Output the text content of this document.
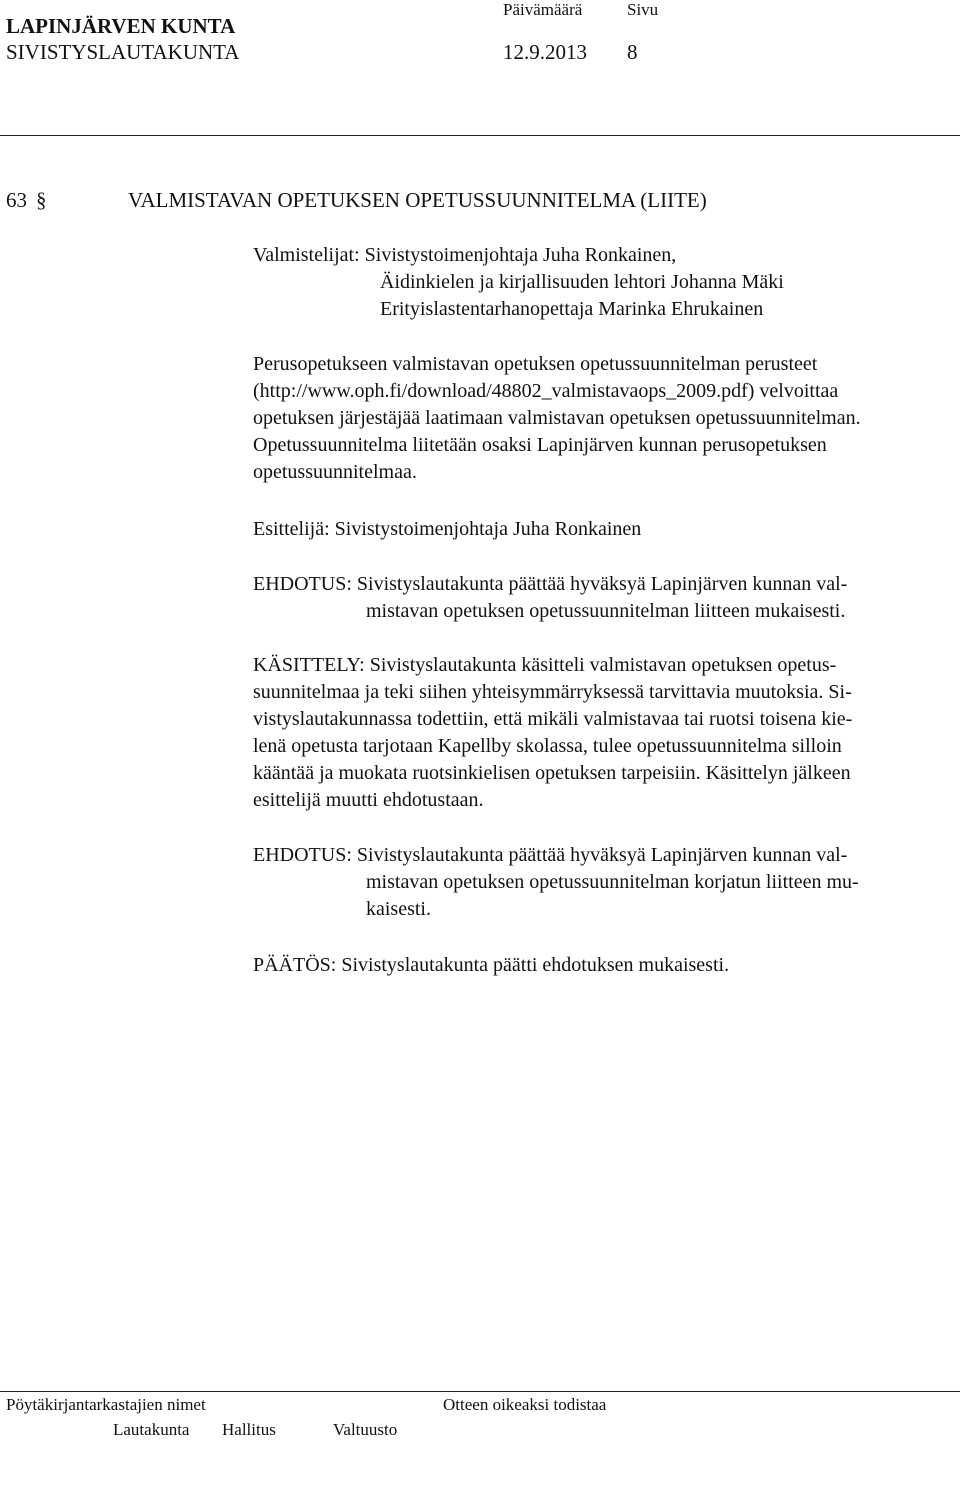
LAPINJÄRVEN KUNTA
SIVISTYSLAUTAKUNTA
Päivämäärä	Sivu
12.9.2013 8
63 §	VALMISTAVAN OPETUKSEN OPETUSSUUNNITELMA (LIITE)
Valmistelijat: Sivistystoimenjohtaja Juha Ronkainen,
Äidinkielen ja kirjallisuuden lehtori Johanna Mäki
Erityislastentarhanopettaja Marinka Ehrukainen
Perusopetukseen valmistavan opetuksen opetussuunnitelman perusteet
(http://www.oph.fi/download/48802_valmistavaops_2009.pdf) velvoittaa
opetuksen järjestäjää laatimaan valmistavan opetuksen opetussuunnitelman.
Opetussuunnitelma liitetään osaksi Lapinjärven kunnan perusopetuksen
opetussuunnitelmaa.
Esittelijä: Sivistystoimenjohtaja Juha Ronkainen
EHDOTUS: Sivistyslautakunta päättää hyväksyä Lapinjärven kunnan val-
mistavan opetuksen opetussuunnitelman liitteen mukaisesti.
KÄSITTELY: Sivistyslautakunta käsitteli valmistavan opetuksen opetus-
suunnitelmaa ja teki siihen yhteisymmärryksessä tarvittavia muutoksia. Si-
vistyslautakunnassa todettiin, että mikäli valmistavaa tai ruotsi toisena kie-
lenä opetusta tarjotaan Kapellby skolassa, tulee opetussuunnitelma silloin
kääntää ja muokata ruotsinkielisen opetuksen tarpeisiin. Käsittelyn jälkeen
esittelijä muutti ehdotustaan.
EHDOTUS: Sivistyslautakunta päättää hyväksyä Lapinjärven kunnan val-
mistavan opetuksen opetussuunnitelman korjatun liitteen mu-
kaisesti.
PÄÄTÖS: Sivistyslautakunta päätti ehdotuksen mukaisesti.
Pöytäkirjantarkastajien nimet	Otteen oikeaksi todistaa
Lautakunta Hallitus	Valtuusto
